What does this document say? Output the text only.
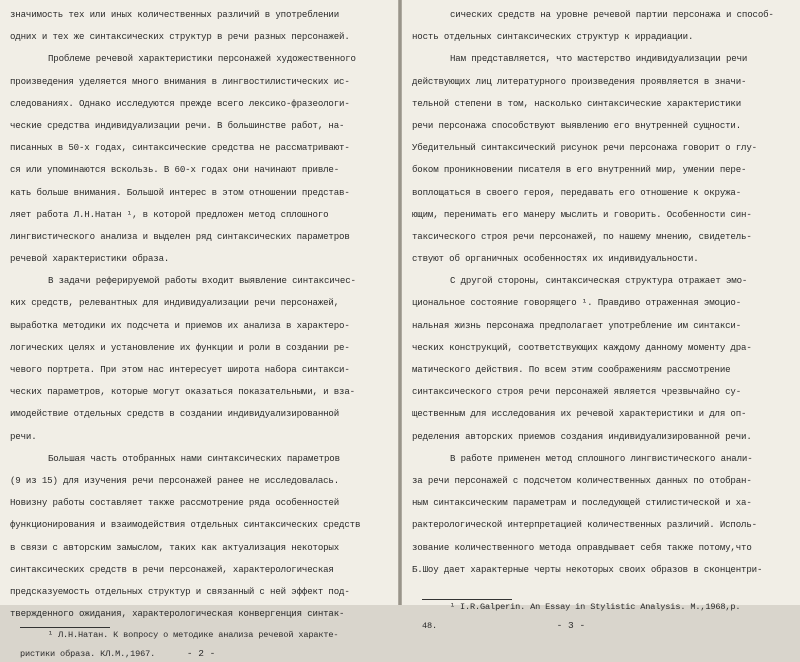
значимость тех или иных количественных различий в употреблении
одних и тех же синтаксических структур в речи разных персонажей.
Проблеме речевой характеристики персонажей художественного
произведения уделяется много внимания в лингвостилистических ис-
следованиях. Однако исследуются прежде всего лексико-фразеологи-
ческие средства индивидуализации речи. В большинстве работ, на-
писанных в 50-х годах, синтаксические средства не рассматривают-
ся или упоминаются вскользь. В 60-х годах они начинают привле-
кать больше внимания. Большой интерес в этом отношении представ-
ляет работа Л.Н.Натан ¹, в которой предложен метод сплошного
лингвистического анализа и выделен ряд синтаксических параметров
речевой характеристики образа.
В задачи реферируемой работы входит выявление синтаксичес-
ких средств, релевантных для индивидуализации речи персонажей,
выработка методики их подсчета и приемов их анализа в характеро-
логических целях и установление их функции и роли в создании ре-
чевого портрета. При этом нас интересует широта набора синтакси-
ческих параметров, которые могут оказаться показательными, и вза-
имодействие отдельных средств в создании индивидуализированной
речи.
Большая часть отобранных нами синтаксических параметров
(9 из 15) для изучения речи персонажей ранее не исследовалась.
Новизну работы составляет также рассмотрение ряда особенностей
функционирования и взаимодействия отдельных синтаксических средств
в связи с авторским замыслом, таких как актуализация некоторых
синтаксических средств в речи персонажей, характерологическая
предсказуемость отдельных структур и связанный с ней эффект под-
твержденного ожидания, характерологическая конвергенция синтак-
¹ Л.Н.Натан. К вопросу о методике анализа речевой характе-
ристики образа. КЛ.М.,1967.	- 2 -
сических средств на уровне речевой партии персонажа и способ-
ность отдельных синтаксических структур к иррадиации.
Нам представляется, что мастерство индивидуализации речи
действующих лиц литературного произведения проявляется в значи-
тельной степени в том, насколько синтаксические характеристики
речи персонажа способствуют выявлению его внутренней сущности.
Убедительный синтаксический рисунок речи персонажа говорит о глу-
боком проникновении писателя в его внутренний мир, умении пере-
воплощаться в своего героя, передавать его отношение к окружа-
ющим, перенимать его манеру мыслить и говорить. Особенности син-
таксического строя речи персонажей, по нашему мнению, свидетель-
ствуют об органичных особенностях их индивидуальности.
С другой стороны, синтаксическая структура отражает эмо-
циональное состояние говорящего ¹. Правдиво отраженная эмоцио-
нальная жизнь персонажа предполагает употребление им синтакси-
ческих конструкций, соответствующих каждому данному моменту дра-
матического действия. По всем этим соображениям рассмотрение
синтаксического строя речи персонажей является чрезвычайно су-
щественным для исследования их речевой характеристики и для оп-
ределения авторских приемов создания индивидуализированной речи.
В работе применен метод сплошного лингвистического анали-
за речи персонажей с подсчетом количественных данных по отобран-
ным синтаксическим параметрам и последующей стилистической и ха-
рактерологической интерпретацией количественных различий. Исполь-
зование количественного метода оправдывает себя также потому,что
Б.Шоу дает характерные черты некоторых своих образов в сконцентри-
¹ I.R.Galperin. An Essay in Stylistic Analysis. M.,1968,p.
48.	- 3 -
